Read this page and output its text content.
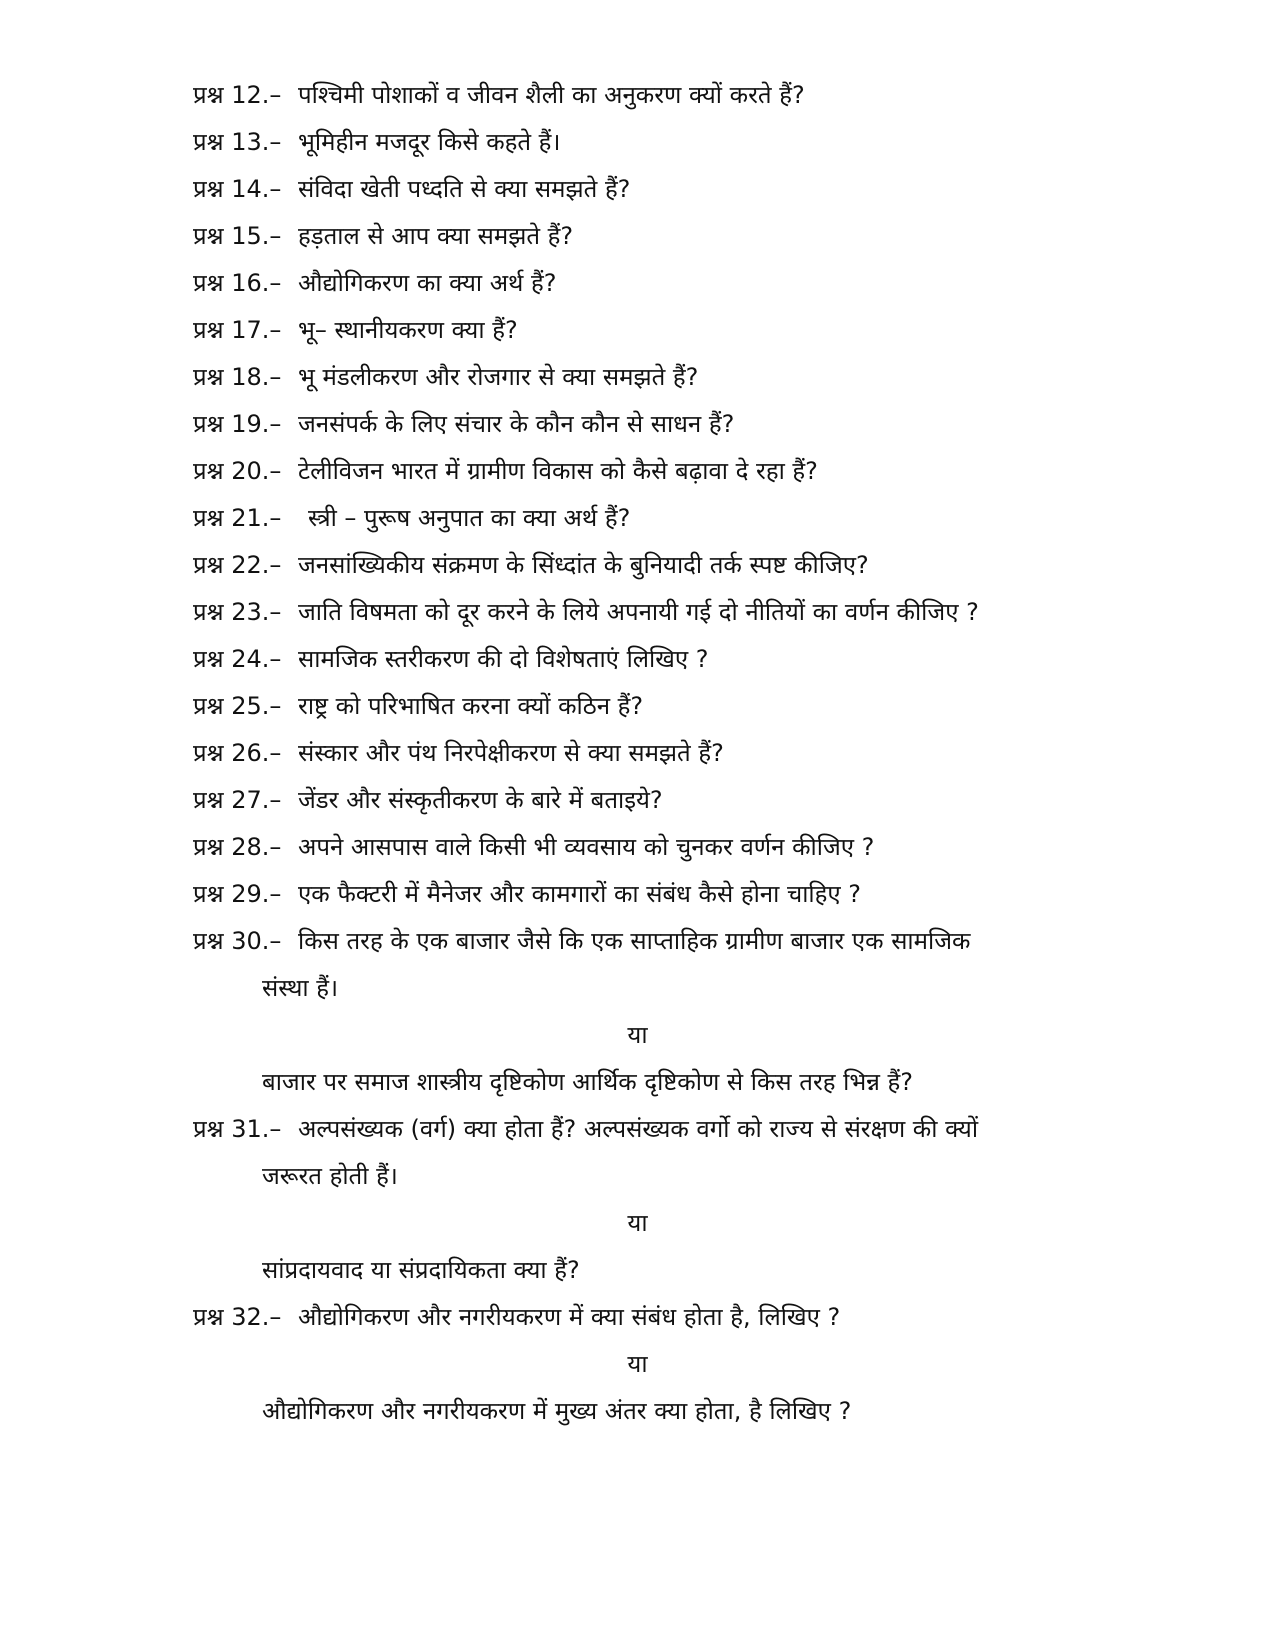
प्रश्न 12.– पश्चिमी पोशाकों व जीवन शैली का अनुकरण क्यों करते हैं?
प्रश्न 13.– भूमिहीन मजदूर किसे कहते हैं।
प्रश्न 14.– संविदा खेती पध्दति से क्या समझते हैं?
प्रश्न 15.– हड़ताल से आप क्या समझते हैं?
प्रश्न 16.– औद्योगिकरण का क्या अर्थ हैं?
प्रश्न 17.– भू– स्थानीयकरण क्या हैं?
प्रश्न 18.– भू मंडलीकरण और रोजगार से क्या समझते हैं?
प्रश्न 19.– जनसंपर्क के लिए संचार के कौन कौन से साधन हैं?
प्रश्न 20.– टेलीविजन भारत में ग्रामीण विकास को कैसे बढ़ावा दे रहा हैं?
प्रश्न 21.– स्त्री – पुरूष अनुपात का क्या अर्थ हैं?
प्रश्न 22.– जनसांख्यिकीय संक्रमण के सिंध्दांत के बुनियादी तर्क स्पष्ट कीजिए?
प्रश्न 23.– जाति विषमता को दूर करने के लिये अपनायी गई दो नीतियों का वर्णन कीजिए ?
प्रश्न 24.– सामजिक स्तरीकरण की दो विशेषताएं लिखिए ?
प्रश्न 25.– राष्ट्र को परिभाषित करना क्यों कठिन हैं?
प्रश्न 26.– संस्कार और पंथ निरपेक्षीकरण से क्या समझते हैं?
प्रश्न 27.– जेंडर और संस्कृतीकरण के बारे में बताइये?
प्रश्न 28.– अपने आसपास वाले किसी भी व्यवसाय को चुनकर वर्णन कीजिए ?
प्रश्न 29.– एक फैक्टरी में मैनेजर और कामगारों का संबंध कैसे होना चाहिए ?
प्रश्न 30.– किस तरह के एक बाजार जैसे कि एक साप्ताहिक ग्रामीण बाजार एक सामजिक
संस्था हैं।
या
बाजार पर समाज शास्त्रीय दृष्टिकोण आर्थिक दृष्टिकोण से किस तरह भिन्न हैं?
प्रश्न 31.– अल्पसंख्यक (वर्ग) क्या होता हैं? अल्पसंख्यक वर्गो को राज्य से संरक्षण की क्यों
जरूरत होती हैं।
या
सांप्रदायवाद या संप्रदायिकता क्या हैं?
प्रश्न 32.– औद्योगिकरण और नगरीयकरण में क्या संबंध होता है, लिखिए ?
या
औद्योगिकरण और नगरीयकरण में मुख्य अंतर क्या होता, है लिखिए ?
